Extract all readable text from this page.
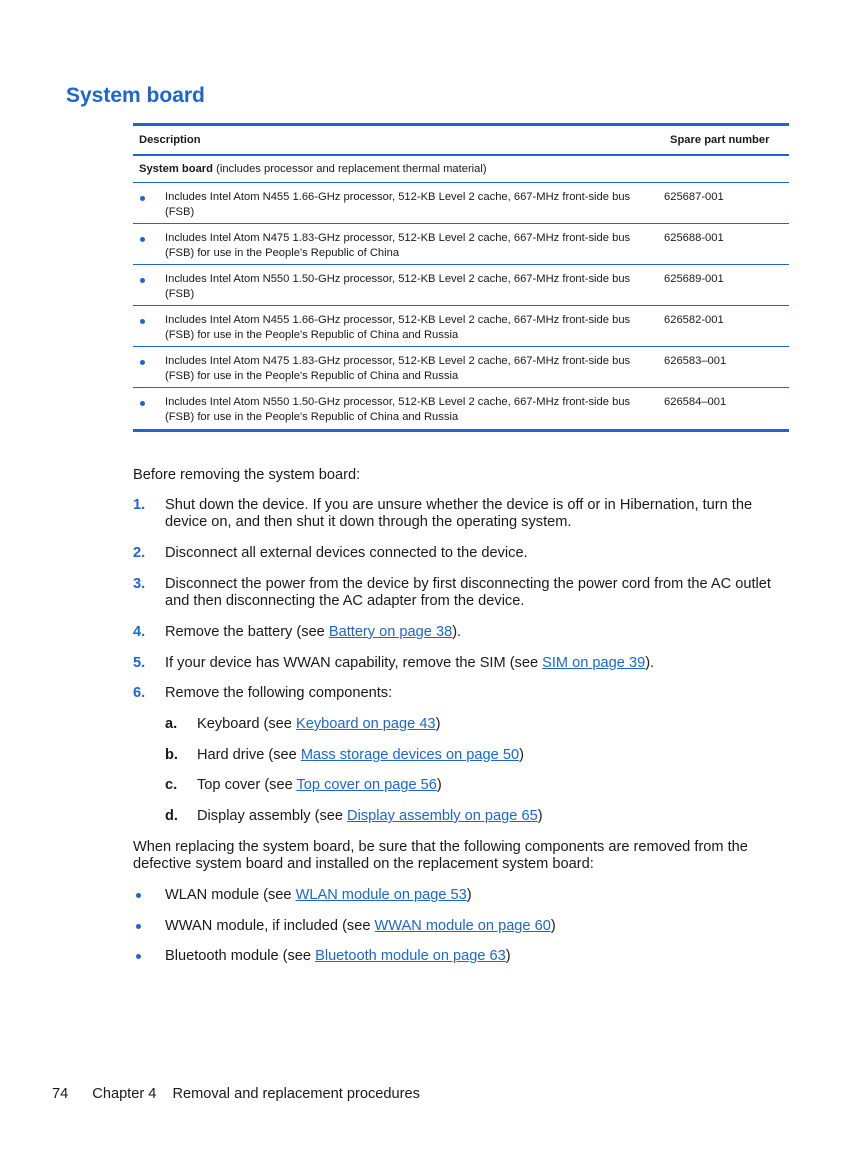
System board
Description	Spare part number
System board (includes processor and replacement thermal material)
Includes Intel Atom N455 1.66-GHz processor, 512-KB Level 2 cache, 667-MHz front-side bus (FSB)
625687-001
Includes Intel Atom N475 1.83-GHz processor, 512-KB Level 2 cache, 667-MHz front-side bus (FSB) for use in the People's Republic of China
625688-001
Includes Intel Atom N550 1.50-GHz processor, 512-KB Level 2 cache, 667-MHz front-side bus (FSB)
625689-001
Includes Intel Atom N455 1.66-GHz processor, 512-KB Level 2 cache, 667-MHz front-side bus (FSB) for use in the People's Republic of China and Russia
626582-001
Includes Intel Atom N475 1.83-GHz processor, 512-KB Level 2 cache, 667-MHz front-side bus (FSB) for use in the People's Republic of China and Russia
626583–001
Includes Intel Atom N550 1.50-GHz processor, 512-KB Level 2 cache, 667-MHz front-side bus (FSB) for use in the People's Republic of China and Russia
626584–001

Before removing the system board:

1. Shut down the device. If you are unsure whether the device is off or in Hibernation, turn the device on, and then shut it down through the operating system.
2. Disconnect all external devices connected to the device.
3. Disconnect the power from the device by first disconnecting the power cord from the AC outlet and then disconnecting the AC adapter from the device.
4. Remove the battery (see Battery on page 38).
5. If your device has WWAN capability, remove the SIM (see SIM on page 39).
6. Remove the following components:
a. Keyboard (see Keyboard on page 43)
b. Hard drive (see Mass storage devices on page 50)
c. Top cover (see Top cover on page 56)
d. Display assembly (see Display assembly on page 65)

When replacing the system board, be sure that the following components are removed from the defective system board and installed on the replacement system board:

WLAN module (see WLAN module on page 53)
WWAN module, if included (see WWAN module on page 60)
Bluetooth module (see Bluetooth module on page 63)
74 Chapter 4 Removal and replacement procedures
